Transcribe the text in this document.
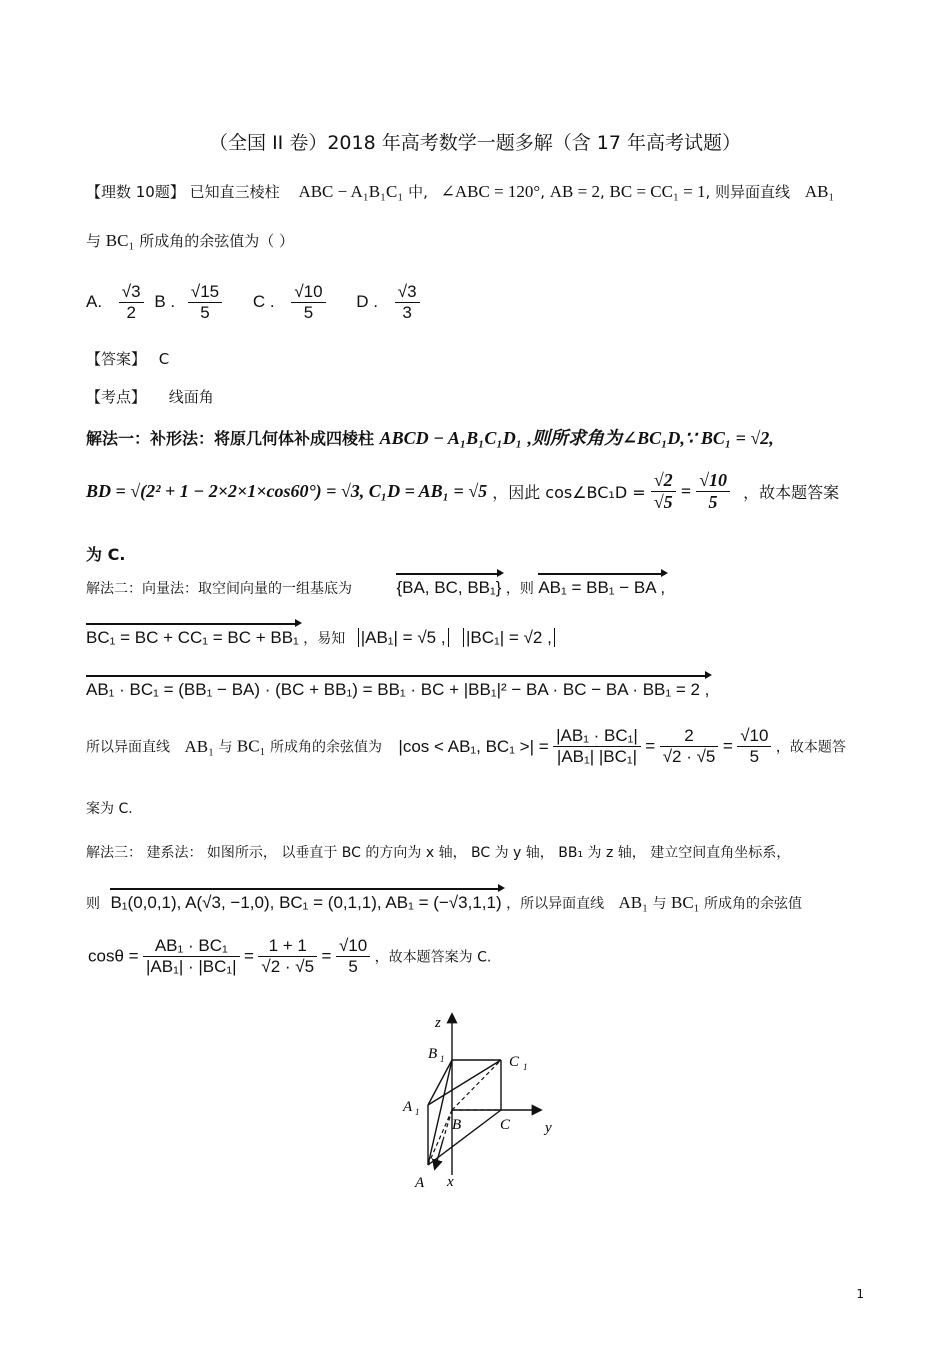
（全国 II 卷）2018 年高考数学一题多解（含 17 年高考试题）
【理数 10题】 已知直三棱柱 ABC − A₁B₁C₁ 中, ∠ABC = 120°, AB = 2, BC = CC₁ = 1, 则异面直线 AB₁
与 BC₁ 所成角的余弦值为（ ）
A. $\frac{√3}{2}$ B . $\frac{√15}{5}$ C . $\frac{√10}{5}$ D . $\frac{√3}{3}$
【答案】 C
【考点】 线面角
解法一：补形法：将原几何体补成四棱柱 ABCD − A₁B₁C₁D₁ ,则所求角为∠BC₁D,∵ BC₁ = √2,
BD = √(2² + 1 − 2×2×1×cos60°) = √3, C₁D = AB₁ = √5 ，因此 cos∠BC₁D = $\frac{√2}{√5} = \frac{√10}{5}$ ，故本题答案
为 C.
解法二：向量法：取空间向量的一组基底为	{BA, BC, BB₁} ，则 AB₁ = BB₁ − BA ,
BC₁ = BC + CC₁ = BC + BB₁ ，易知 |AB₁| = √5 , |BC₁| = √2 ,
AB₁ · BC₁ = (BB₁ − BA) · (BC + BB₁) = BB₁ · BC + |BB₁|² − BA · BC − BA · BB₁ = 2 ,
所以异面直线 AB₁ 与 BC₁ 所成角的余弦值为 |cos < AB₁, BC₁ >| = $\frac{\text{|AB₁ · BC₁|}}{\text{|AB₁| |BC₁|}} = \frac{2}{√2 \cdot √5} = \frac{√10}{5}$ ，故本题答
案为 C.
解法三： 建系法： 如图所示， 以垂直于 BC 的方向为 x 轴， BC 为 y 轴， BB₁ 为 z 轴， 建立空间直角坐标系，
则 B₁(0,0,1), A(√3, −1,0), BC₁ = (0,1,1), AB₁ = (−√3,1,1) ，所以异面直线 AB₁ 与 BC₁ 所成角的余弦值
$\cos\theta = \frac{\text{AB₁ · BC₁}}{\text{|AB₁| · |BC₁|}} = \frac{1 + 1}{√2 \cdot √5} = \frac{√10}{5}$ ，故本题答案为 C.
z
y
x
B 1	C 1
A 1
B	C
A
1
